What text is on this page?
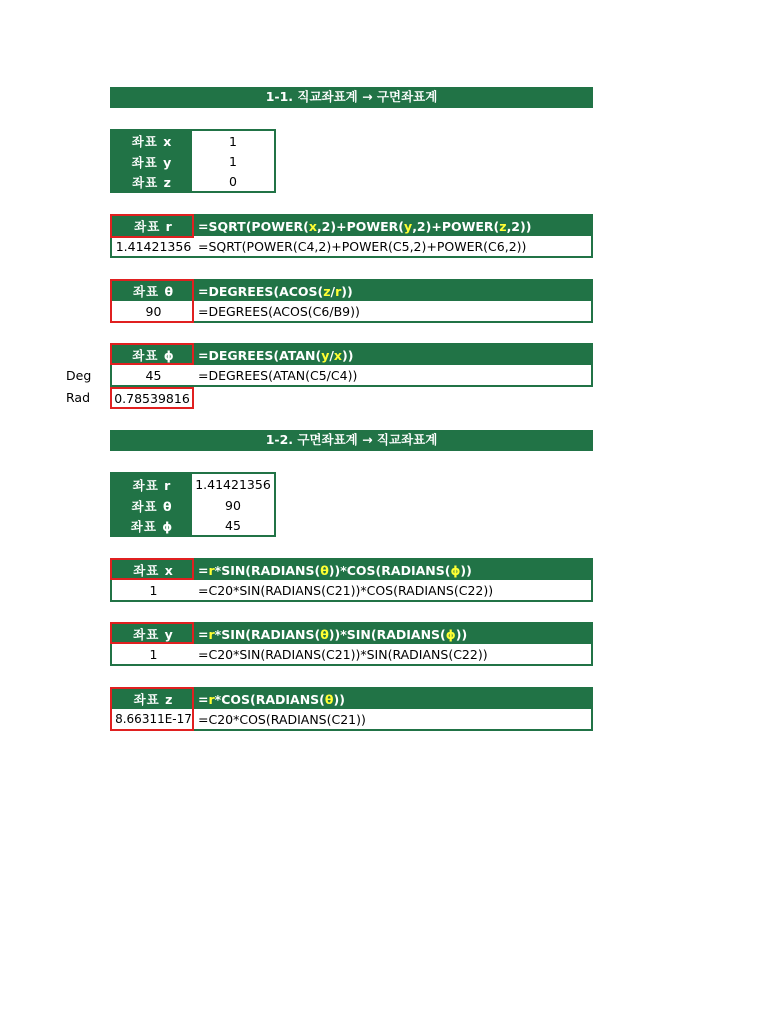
1-1. 직교좌표계 → 구면좌표계
좌표 x	1
좌표 y	1
좌표 z	0
좌표 r	=SQRT(POWER( x ,2)+POWER( y ,2)+POWER( z ,2))
1.41421356 =SQRT(POWER(C4,2)+POWER(C5,2)+POWER(C6,2))
좌표 θ	=DEGREES(ACOS( z / r ))
90	=DEGREES(ACOS(C6/B9))
좌표 ϕ	=DEGREES(ATAN( y / x ))
45	=DEGREES(ATAN(C5/C4))
Deg
Rad 0.78539816
1-2. 구면좌표계 → 직교좌표계
좌표 r	1.41421356
좌표 θ	90
좌표 ϕ	45
좌표 x	= r *SIN(RADIANS( θ ))*COS(RADIANS( ϕ ))
1	=C20*SIN(RADIANS(C21))*COS(RADIANS(C22))
좌표 y	= r *SIN(RADIANS( θ ))*SIN(RADIANS( ϕ ))
1	=C20*SIN(RADIANS(C21))*SIN(RADIANS(C22))
좌표 z	= r *COS(RADIANS( θ ))
8.66311E-17 =C20*COS(RADIANS(C21))
